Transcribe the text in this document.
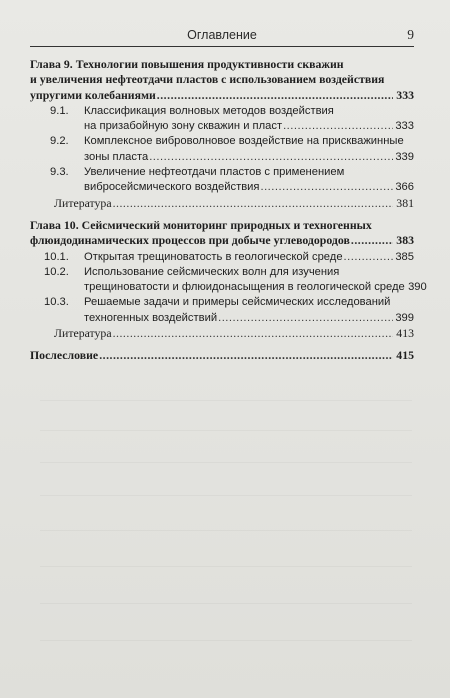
Оглавление	9
Глава 9. Технологии повышения продуктивности скважин
и увеличения нефтеотдачи пластов с использованием воздействия
упругими колебаниями .....	333
9.1. Классификация волновых методов воздействия
на призабойную зону скважин и пласт .....	333
9.2. Комплексное виброволновое воздействие на прискважинные
зоны пласта .....	339
9.3. Увеличение нефтеотдачи пластов с применением
вибросейсмического воздействия .....	366
Литература .....	381
Глава 10. Сейсмический мониторинг природных и техногенных
флюидодинамических процессов при добыче углеводородов .....	383
10.1. Открытая трещиноватость в геологической среде .....	385
10.2. Использование сейсмических волн для изучения
трещиноватости и флюидонасыщения в геологической среде 390
10.3. Решаемые задачи и примеры сейсмических исследований
техногенных воздействий .....	399
Литература .....	413
Послесловие .....	415
